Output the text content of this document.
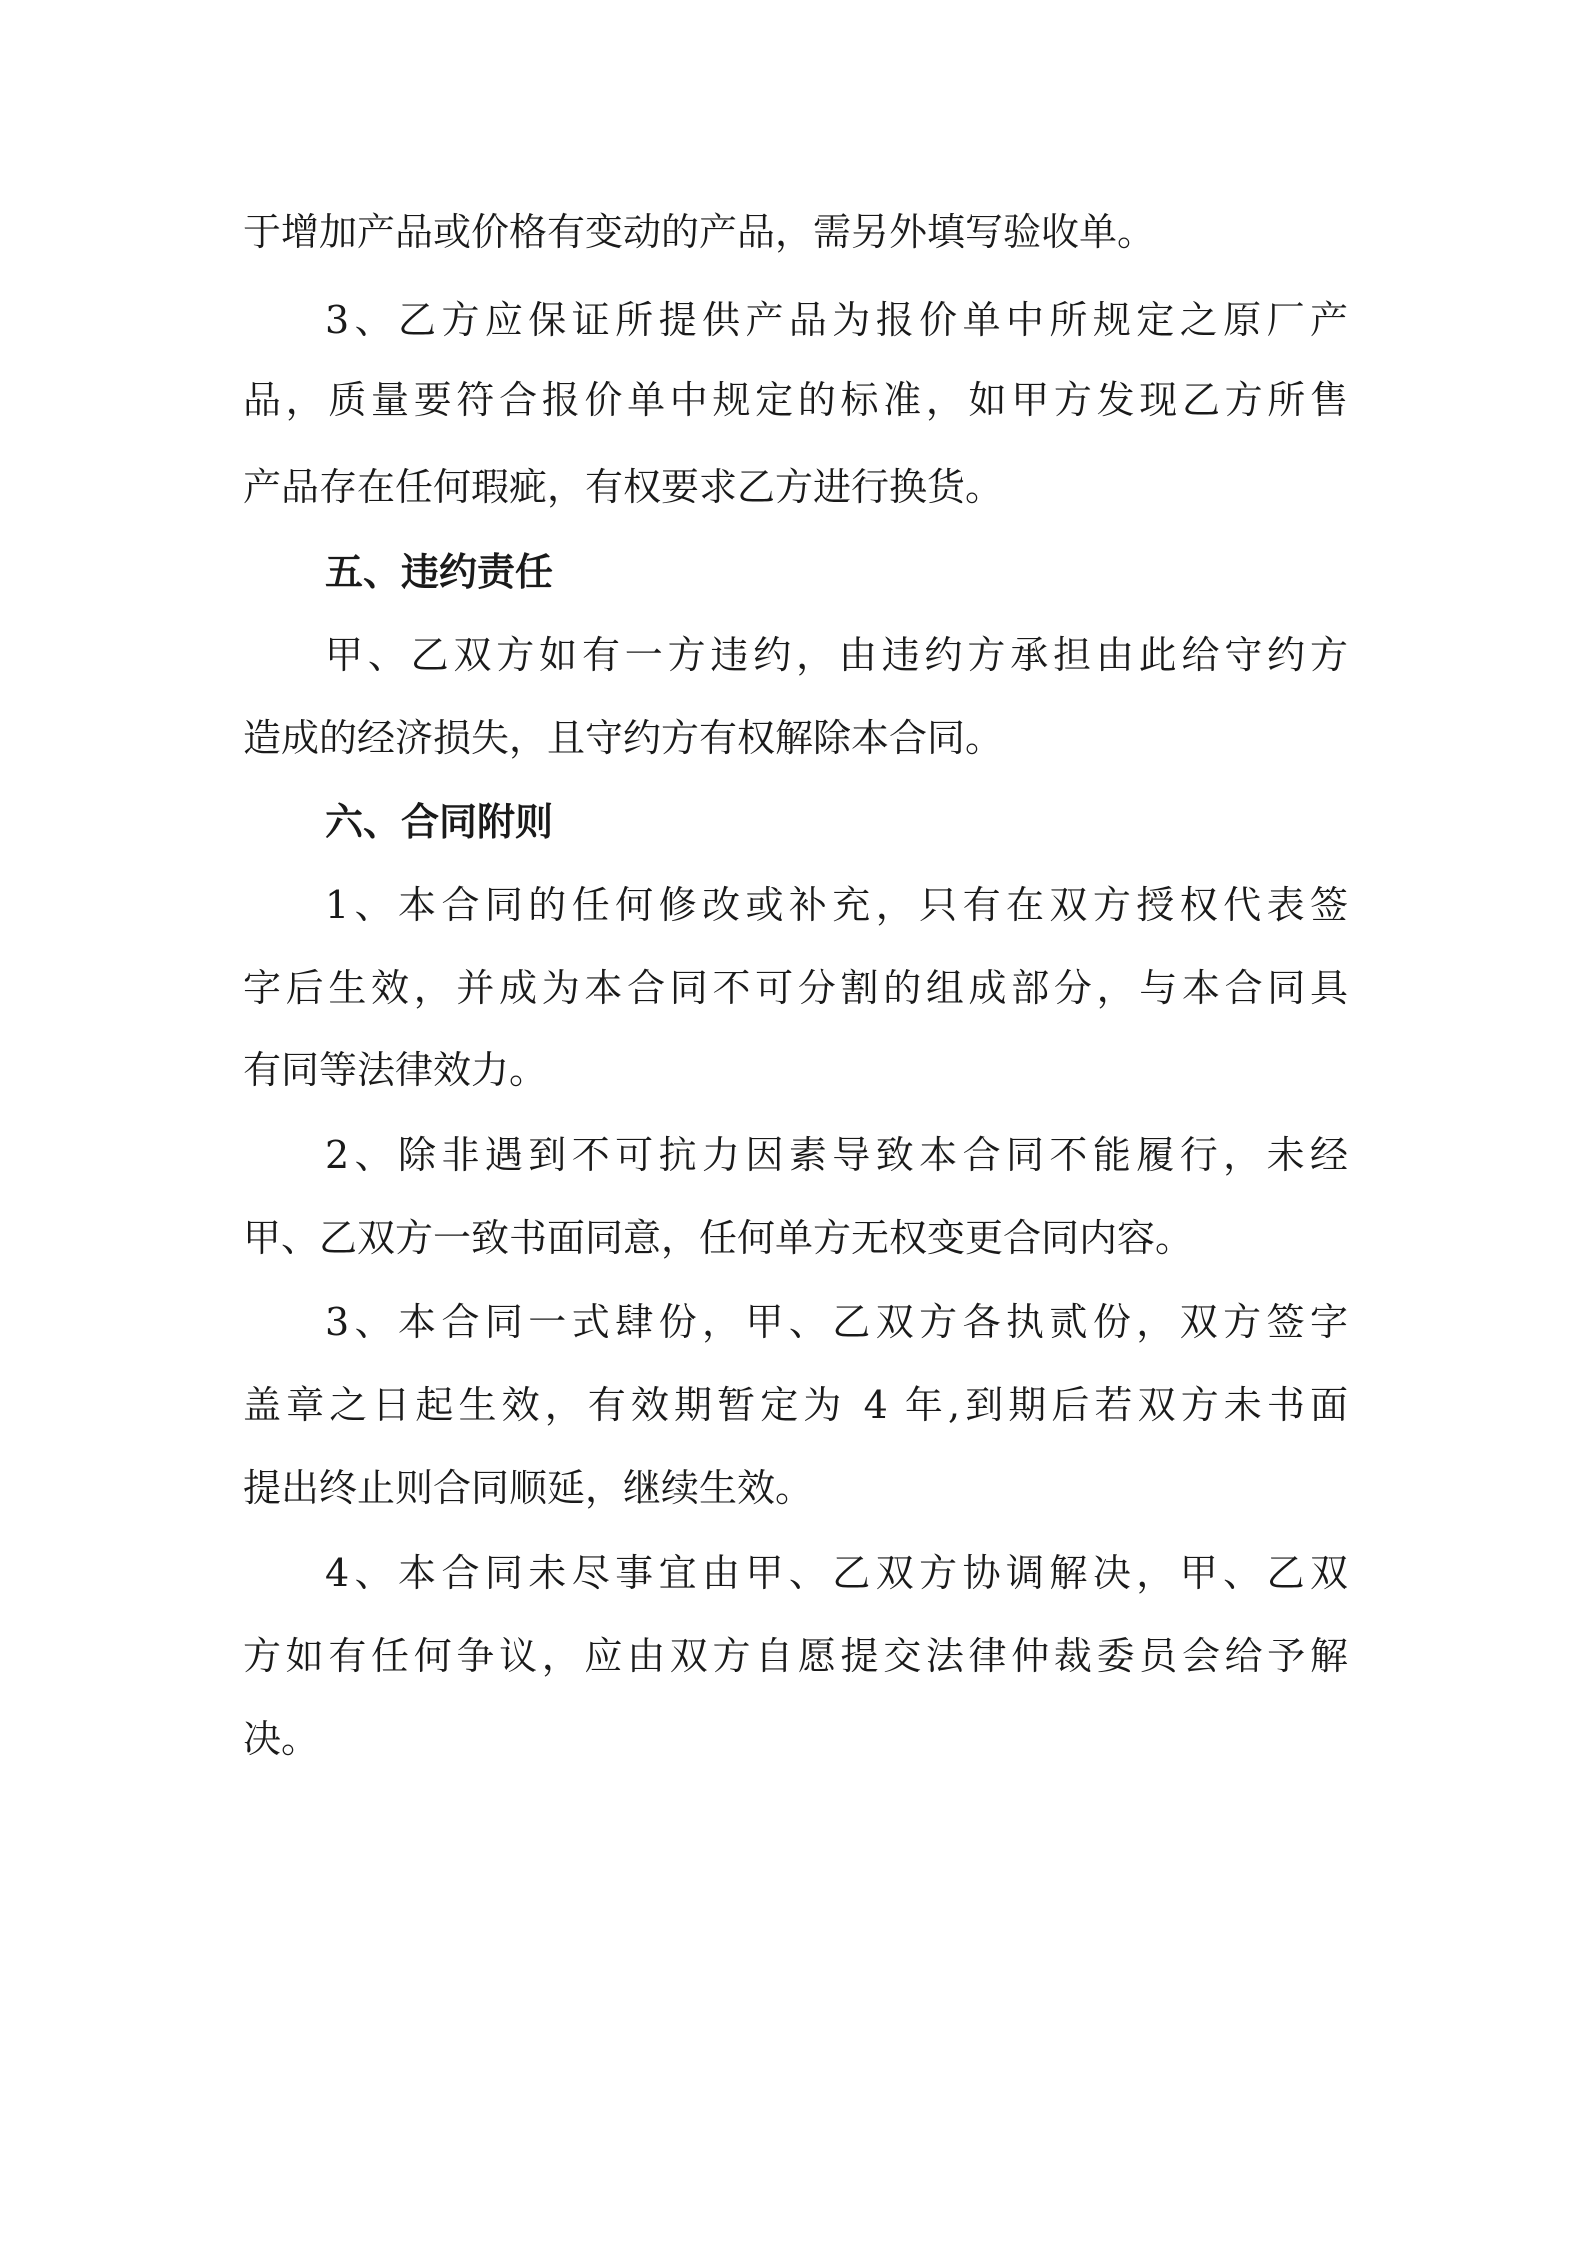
于增加产品或价格有变动的产品，需另外填写验收单。
3、乙方应保证所提供产品为报价单中所规定之原厂产
品，质量要符合报价单中规定的标准，如甲方发现乙方所售
产品存在任何瑕疵，有权要求乙方进行换货。
五、违约责任
甲、乙双方如有一方违约，由违约方承担由此给守约方
造成的经济损失，且守约方有权解除本合同。
六、合同附则
1、本合同的任何修改或补充，只有在双方授权代表签
字后生效，并成为本合同不可分割的组成部分，与本合同具
有同等法律效力。
2、除非遇到不可抗力因素导致本合同不能履行，未经
甲、乙双方一致书面同意，任何单方无权变更合同内容。
3、本合同一式肆份，甲、乙双方各执贰份，双方签字
盖章之日起生效，有效期暂定为 4 年,到期后若双方未书面
提出终止则合同顺延，继续生效。
4、本合同未尽事宜由甲、乙双方协调解决，甲、乙双
方如有任何争议，应由双方自愿提交法律仲裁委员会给予解
决。
